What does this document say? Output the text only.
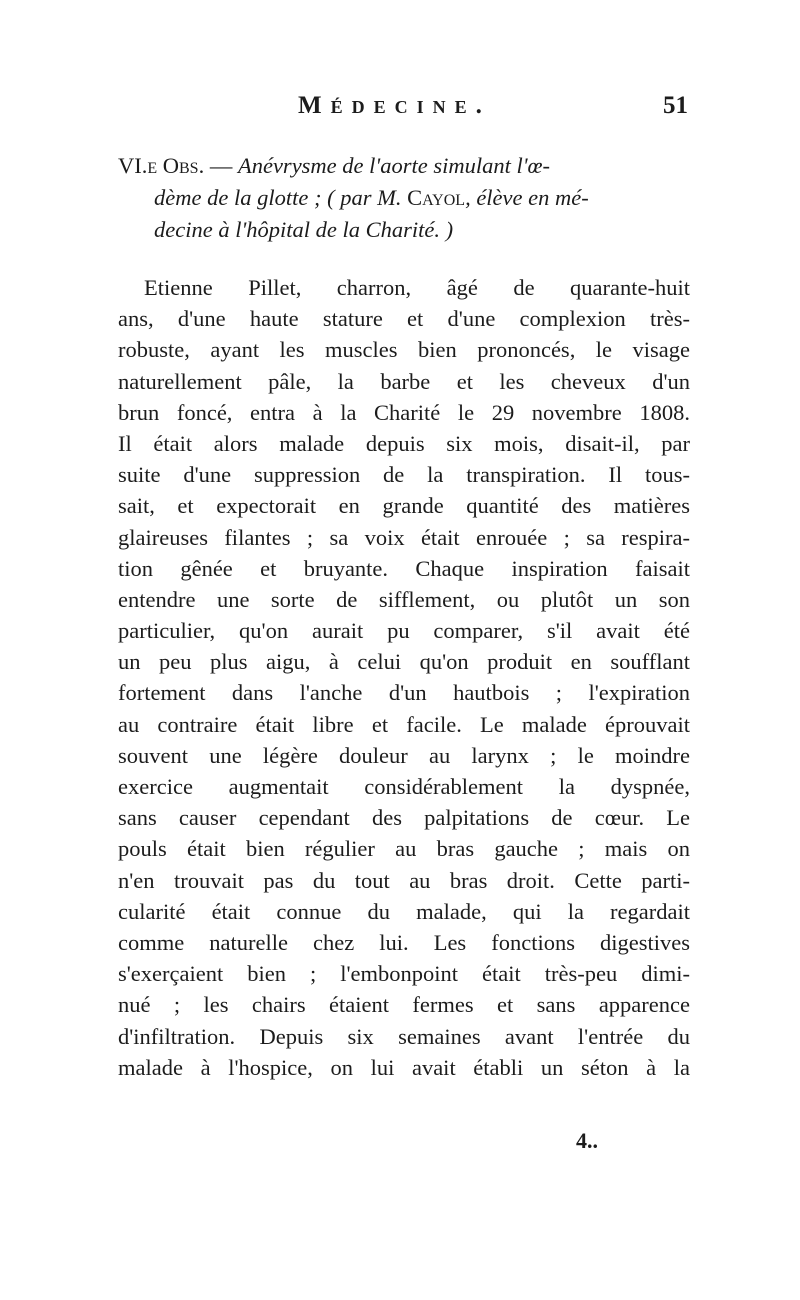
Médecine.	51
VI.e Obs. — Anévrysme de l'aorte simulant l'œ-
dème de la glotte ; ( par M. Cayol, élève en mé-
decine à l'hôpital de la Charité. )
Etienne Pillet, charron, âgé de quarante-huit
ans, d'une haute stature et d'une complexion très-
robuste, ayant les muscles bien prononcés, le visage
naturellement pâle, la barbe et les cheveux d'un
brun foncé, entra à la Charité le 29 novembre 1808.
Il était alors malade depuis six mois, disait-il, par
suite d'une suppression de la transpiration. Il tous-
sait, et expectorait en grande quantité des matières
glaireuses filantes ; sa voix était enrouée ; sa respira-
tion gênée et bruyante. Chaque inspiration faisait
entendre une sorte de sifflement, ou plutôt un son
particulier, qu'on aurait pu comparer, s'il avait été
un peu plus aigu, à celui qu'on produit en soufflant
fortement dans l'anche d'un hautbois ; l'expiration
au contraire était libre et facile. Le malade éprouvait
souvent une légère douleur au larynx ; le moindre
exercice augmentait considérablement la dyspnée,
sans causer cependant des palpitations de cœur. Le
pouls était bien régulier au bras gauche ; mais on
n'en trouvait pas du tout au bras droit. Cette parti-
cularité était connue du malade, qui la regardait
comme naturelle chez lui. Les fonctions digestives
s'exerçaient bien ; l'embonpoint était très-peu dimi-
nué ; les chairs étaient fermes et sans apparence
d'infiltration. Depuis six semaines avant l'entrée du
malade à l'hospice, on lui avait établi un séton à la
4..
